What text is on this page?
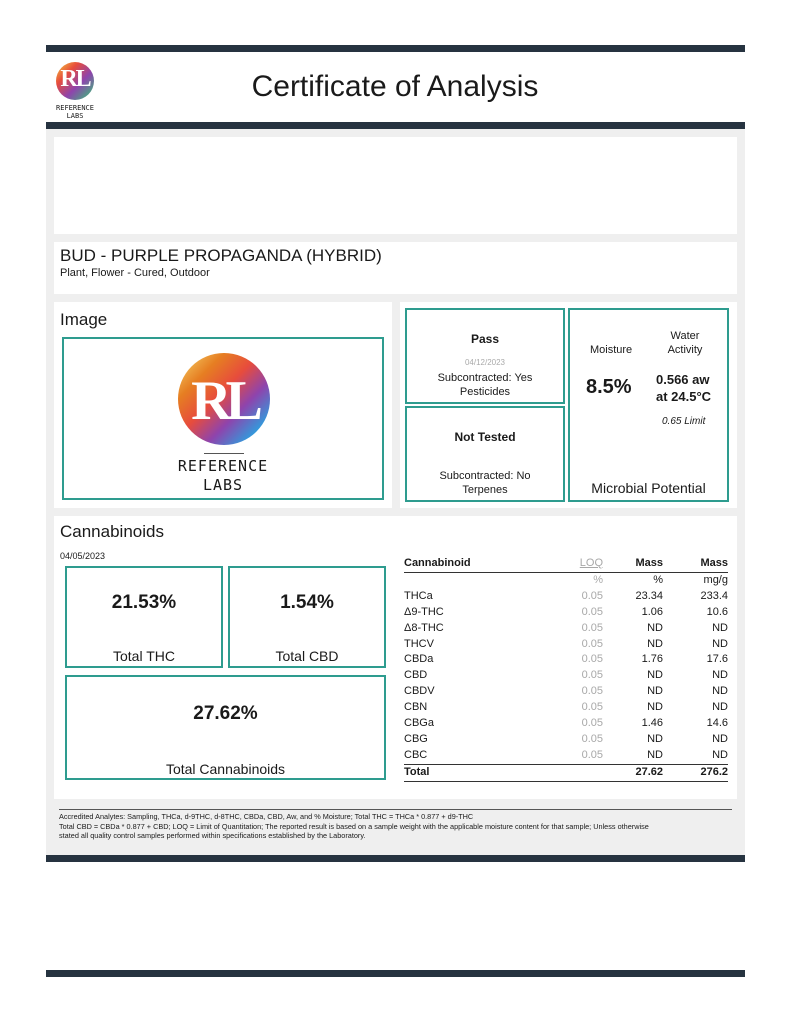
RL
REFERENCE
LABS
Certificate of Analysis
BUD - PURPLE PROPAGANDA (HYBRID)
Plant, Flower - Cured, Outdoor
Image
RL
REFERENCE
LABS
Pass
04/12/2023
Subcontracted: Yes
Pesticides
Not Tested
Subcontracted: No
Terpenes
Moisture
Water
Activity
8.5% 0.566 aw
at 24.5°C
0.65 Limit
Microbial Potential
Cannabinoids
04/05/2023
21.53%
Total THC
1.54%
Total CBD
27.62%
Total Cannabinoids
Cannabinoid	LOQ	Mass	Mass
	%	%	mg/g
THCa	0.05	23.34	233.4
Δ9-THC	0.05	1.06	10.6
Δ8-THC	0.05	ND	ND
THCV	0.05	ND	ND
CBDa	0.05	1.76	17.6
CBD	0.05	ND	ND
CBDV	0.05	ND	ND
CBN	0.05	ND	ND
CBGa	0.05	1.46	14.6
CBG	0.05	ND	ND
CBC	0.05	ND	ND
Total		27.62	276.2
Accredited Analytes: Sampling, THCa, d-9THC, d-8THC, CBDa, CBD, Aw, and % Moisture; Total THC = THCa * 0.877 + d9-THC
Total CBD = CBDa * 0.877 + CBD; LOQ = Limit of Quantitation; The reported result is based on a sample weight with the applicable moisture content for that sample; Unless otherwise
stated all quality control samples performed within specifications established by the Laboratory.
